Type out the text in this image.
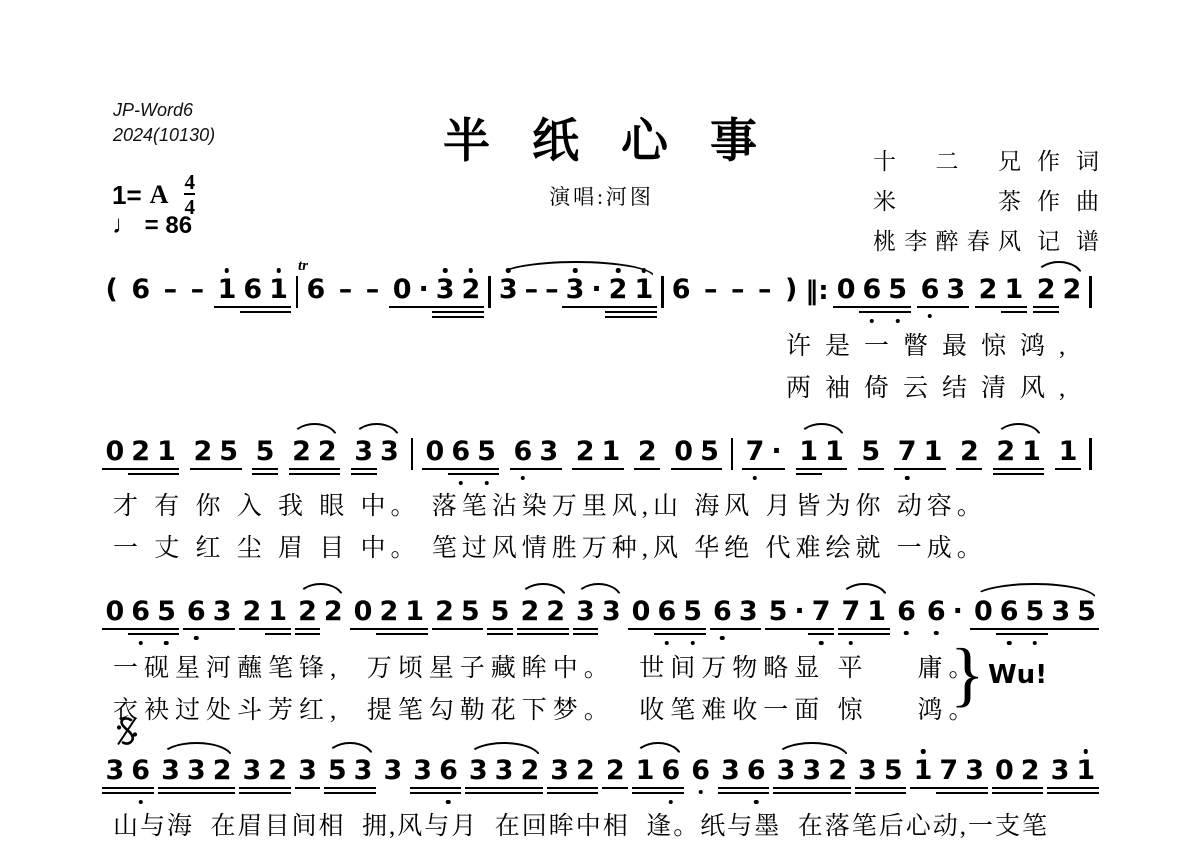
JP-Word6
2024(10130)	半纸心事
演唱:河图
十二兄 作词
米茶 作曲
桃李醉春风 记谱
1= A $\frac{4}{4}$
♩ = 86
( 6 – – 1 6 1 6
tr
– – 0 · 3 2 3 – – 3 · 2 1 6 – – – ) ‖: 0 6 5 6 3 2 1 2 2
0 2 1 2 5 5 2 2 3 3 0 6 5 6 3 2 1 2 0 5 7 · 1 1 5 7 1 2 2 1 1
0 6 5 6 3 2 1 2 2 0 2 1 2 5 5 2 2 3 3 0 6 5 6 3 5 · 7 7 1 6 6 · 0 6 5 3 5
3 6 3 3 2 3 2 3 5 3 3 3 6 3 3 2 3 2 2 1 6 6 3 6 3 3 2 3 5 1 7 3 0 2 3 1
许是一瞥最惊鸿,
两袖倚云结清风,
才 有 你 入 我 眼 中。 落笔沾染万里风,山 海风 月皆为你 动容。
一 丈 红 尘 眉 目 中。 笔过风情胜万种,风 华绝 代难绘就 一成。
一砚星河蘸笔锋,  万顷星子藏眸中。  世间万物略显 平    庸。
衣袂过处斗芳红,  提笔勾勒花下梦。  收笔难收一面 惊    鸿。
山与海  在眉目间相  拥,风与月  在回眸中相  逢。纸与墨  在落笔后心动,一支笔
} Wu!
